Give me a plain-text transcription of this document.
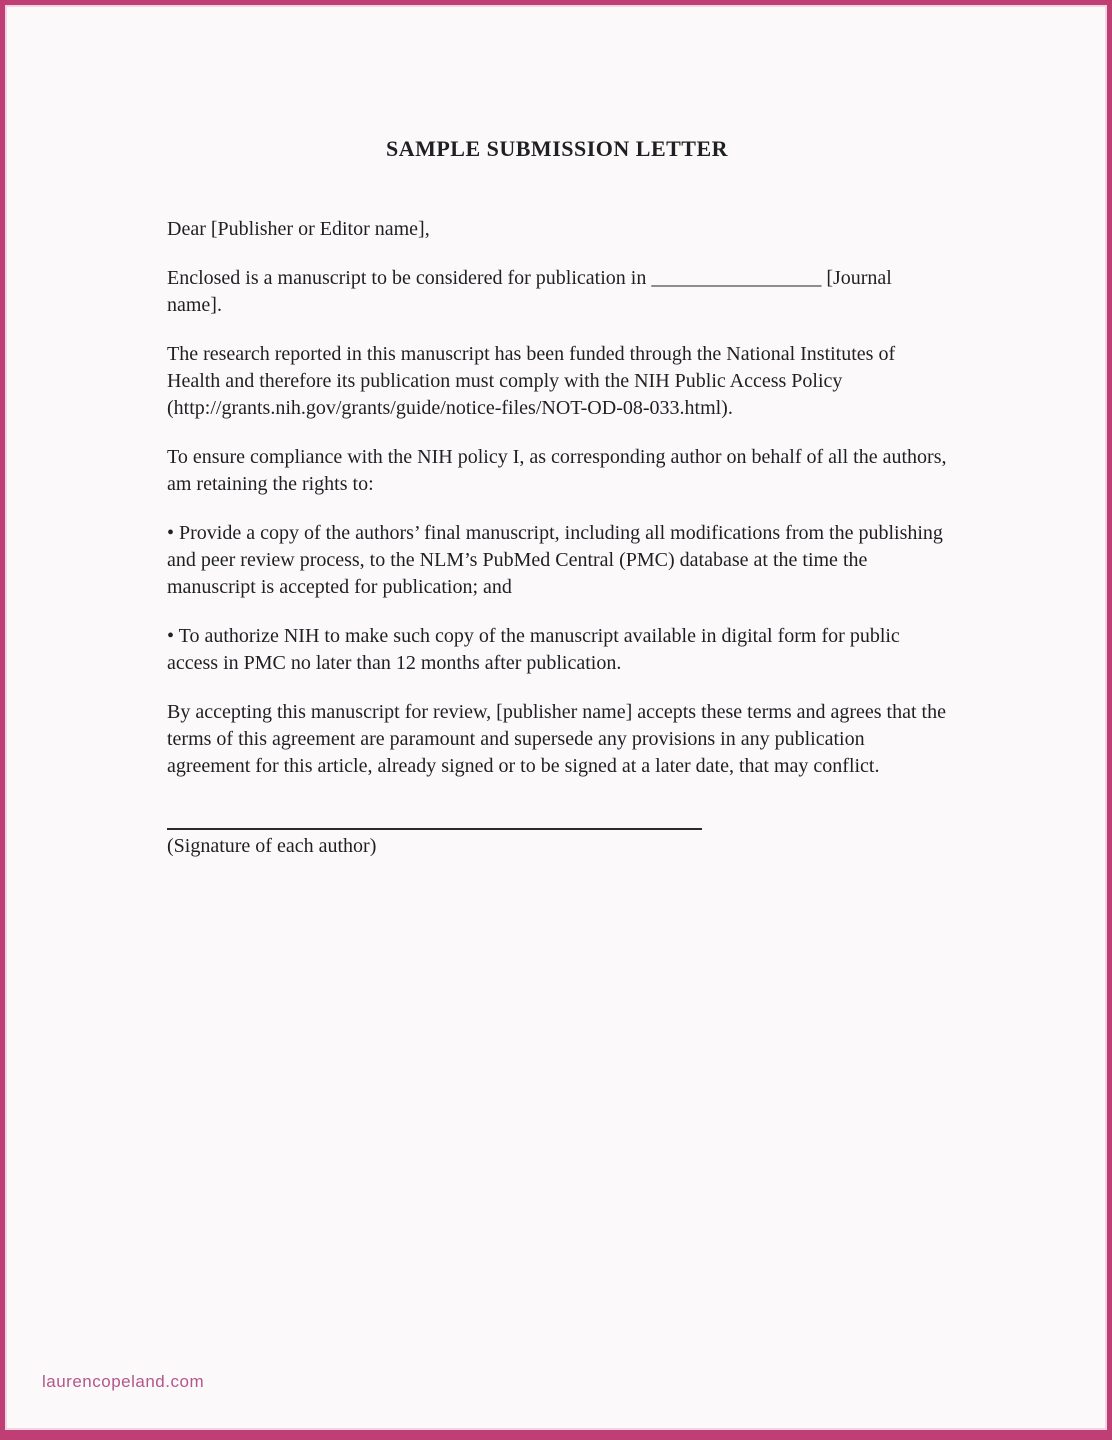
SAMPLE SUBMISSION LETTER

Dear [Publisher or Editor name],

Enclosed is a manuscript to be considered for publication in _________________ [Journal name].

The research reported in this manuscript has been funded through the National Institutes of Health and therefore its publication must comply with the NIH Public Access Policy (http://grants.nih.gov/grants/guide/notice-files/NOT-OD-08-033.html).

To ensure compliance with the NIH policy I, as corresponding author on behalf of all the authors, am retaining the rights to:

• Provide a copy of the authors’ final manuscript, including all modifications from the publishing and peer review process, to the NLM’s PubMed Central (PMC) database at the time the manuscript is accepted for publication; and

• To authorize NIH to make such copy of the manuscript available in digital form for public access in PMC no later than 12 months after publication.

By accepting this manuscript for review, [publisher name] accepts these terms and agrees that the terms of this agreement are paramount and supersede any provisions in any publication agreement for this article, already signed or to be signed at a later date, that may conflict.

(Signature of each author)
laurencopeland.com
